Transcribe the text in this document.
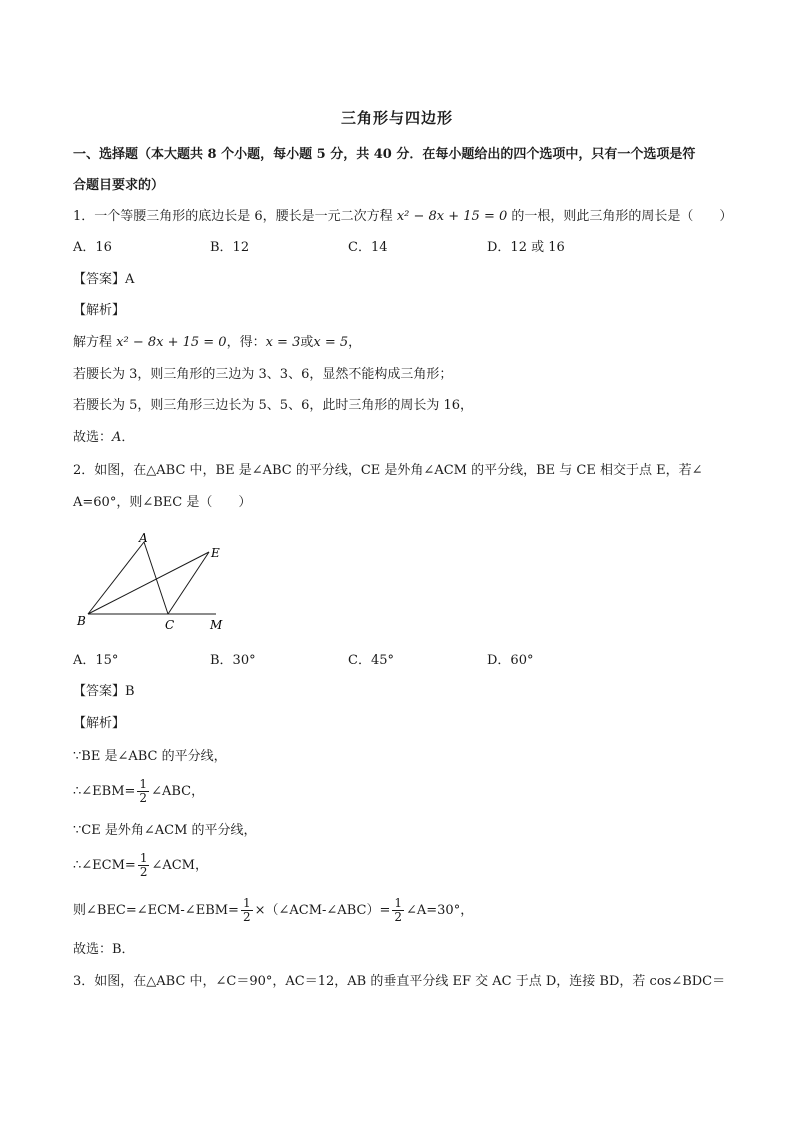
三角形与四边形
一、选择题（本大题共 8 个小题，每小题 5 分，共 40 分．在每小题给出的四个选项中，只有一个选项是符
合题目要求的）
1．一个等腰三角形的底边长是 6，腰长是一元二次方程 x² − 8x + 15 = 0 的一根，则此三角形的周长是（　　）
A．16	B．12	C．14	D．12 或 16
【答案】A
【解析】
解方程 x² − 8x + 15 = 0，得：x = 3或x = 5，
若腰长为 3，则三角形的三边为 3、3、6，显然不能构成三角形；
若腰长为 5，则三角形三边长为 5、5、6，此时三角形的周长为 16，
故选：A．
2．如图，在△ABC 中，BE 是∠ABC 的平分线，CE 是外角∠ACM 的平分线，BE 与 CE 相交于点 E，若∠
A=60°，则∠BEC 是（　　）
A
E
B	C	M
A．15°	B．30°	C．45°	D．60°
【答案】B
【解析】
∵BE 是∠ABC 的平分线，
∴∠EBM= $\frac{1}{2}$ ∠ABC，
∵CE 是外角∠ACM 的平分线，
∴∠ECM= $\frac{1}{2}$ ∠ACM，
则∠BEC=∠ECM-∠EBM= $\frac{1}{2}$ ×（∠ACM-∠ABC）= $\frac{1}{2}$ ∠A=30°，
故选：B．
3．如图，在△ABC 中，∠C＝90°，AC＝12，AB 的垂直平分线 EF 交 AC 于点 D，连接 BD，若 cos∠BDC＝
